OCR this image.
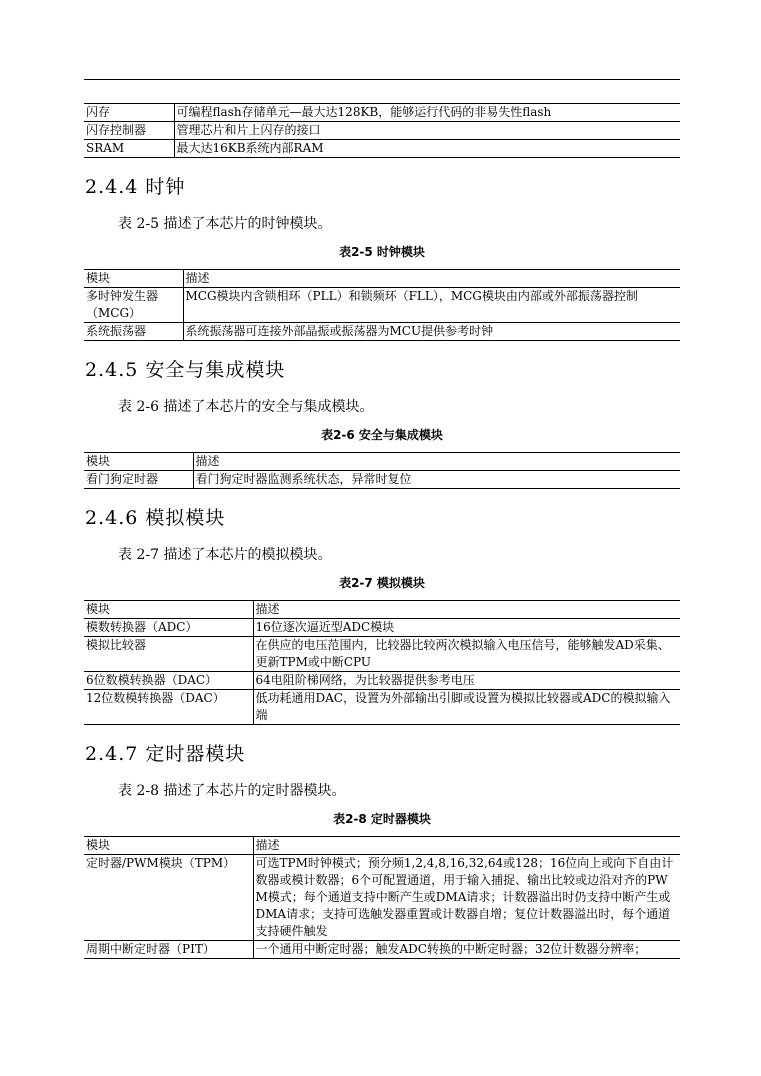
闪存	可编程flash存储单元—最大达128KB，能够运行代码的非易失性flash
闪存控制器	管理芯片和片上闪存的接口
SRAM	最大达16KB系统内部RAM
2.4.4 时钟

表 2-5 描述了本芯片的时钟模块。

表2-5 时钟模块
模块	描述
多时钟发生器（MCG）	MCG模块内含锁相环（PLL）和锁频环（FLL），MCG模块由内部或外部振荡器控制
系统振荡器	系统振荡器可连接外部晶振或振荡器为MCU提供参考时钟
2.4.5 安全与集成模块

表 2-6 描述了本芯片的安全与集成模块。

表2-6 安全与集成模块
模块	描述
看门狗定时器	看门狗定时器监测系统状态，异常时复位
2.4.6 模拟模块

表 2-7 描述了本芯片的模拟模块。

表2-7 模拟模块
模块	描述
模数转换器（ADC）	16位逐次逼近型ADC模块
模拟比较器	在供应的电压范围内，比较器比较两次模拟输入电压信号，能够触发AD采集、更新TPM或中断CPU
6位数模转换器（DAC）	64电阻阶梯网络，为比较器提供参考电压
12位数模转换器（DAC）	低功耗通用DAC，设置为外部输出引脚或设置为模拟比较器或ADC的模拟输入端
2.4.7 定时器模块

表 2-8 描述了本芯片的定时器模块。

表2-8 定时器模块
模块	描述
定时器/PWM模块（TPM）	可选TPM时钟模式；预分频1,2,4,8,16,32,64或128；16位向上或向下自由计数器或模计数器；6个可配置通道，用于输入捕捉、输出比较或边沿对齐的PWM模式；每个通道支持中断产生或DMA请求；计数器溢出时仍支持中断产生或DMA请求；支持可选触发器重置或计数器自增；复位计数器溢出时，每个通道支持硬件触发
周期中断定时器（PIT）	一个通用中断定时器；触发ADC转换的中断定时器；32位计数器分辨率；
